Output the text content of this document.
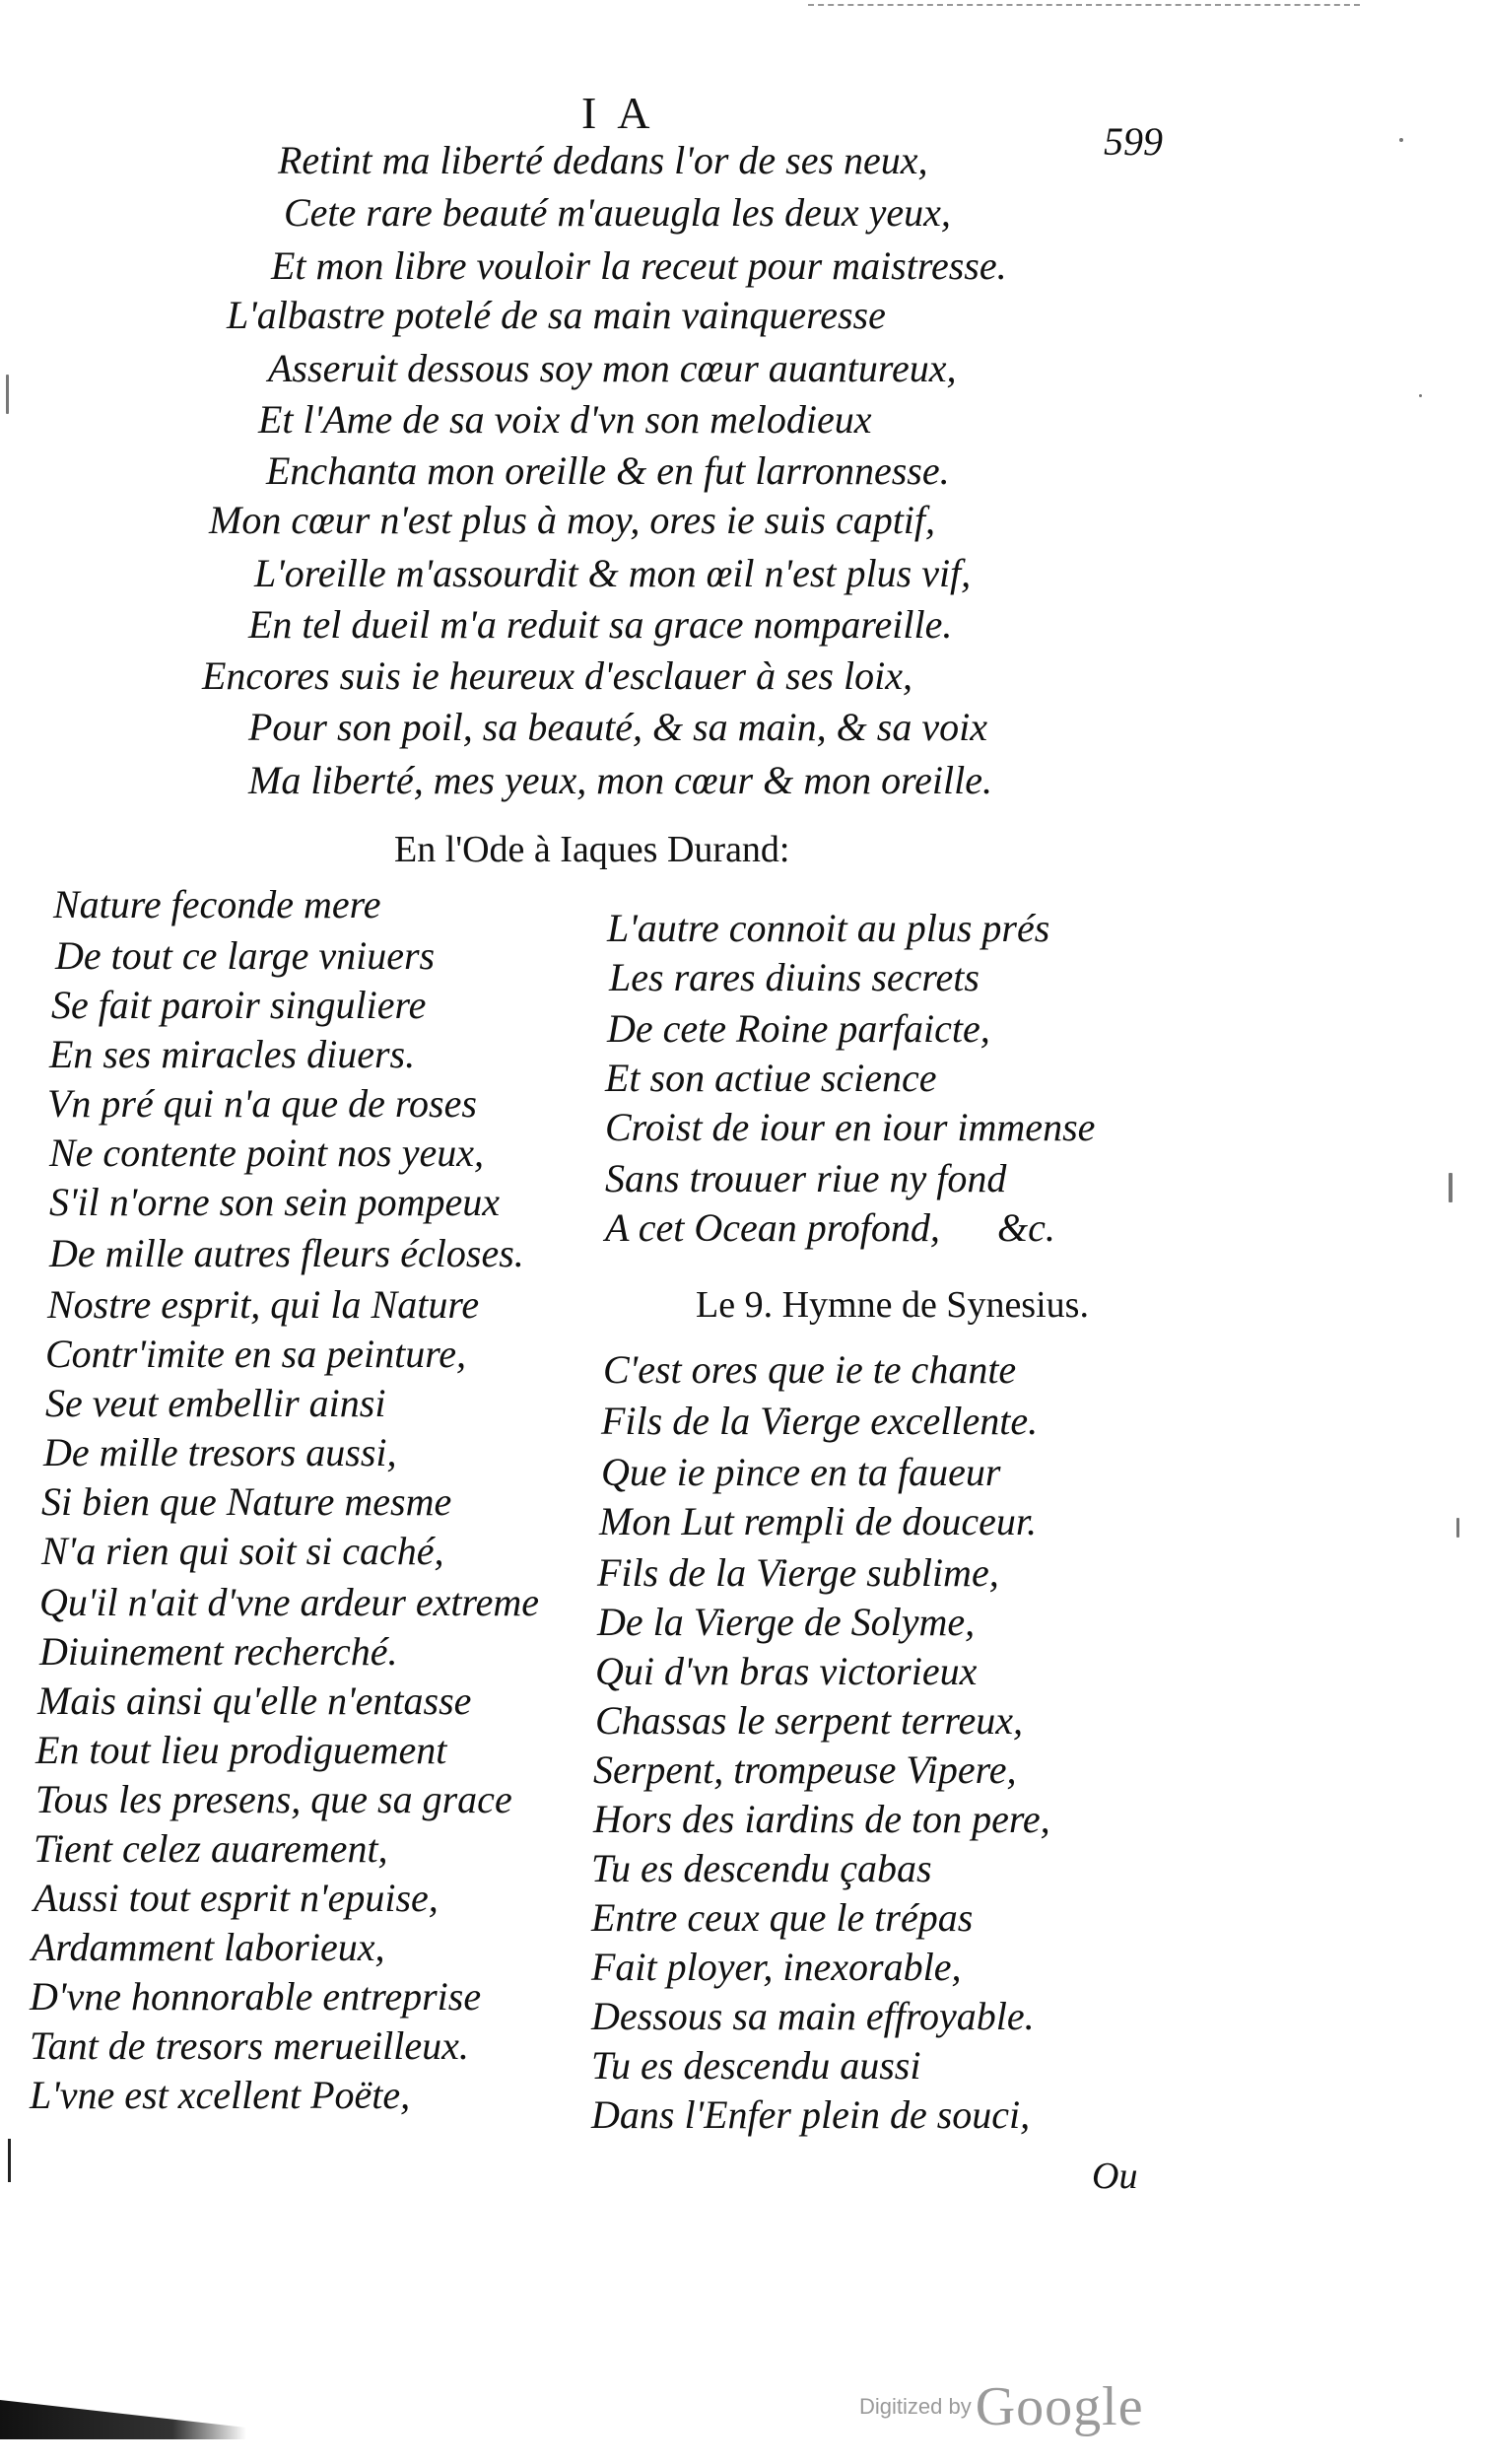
I A
599
Retint ma liberté dedans l'or de ses neux,
Cete rare beauté m'aueugla les deux yeux,
Et mon libre vouloir la receut pour maistresse.
L'albastre potelé de sa main vainqueresse
Asseruit dessous soy mon cœur auantureux,
Et l'Ame de sa voix d'vn son melodieux
Enchanta mon oreille & en fut larronnesse.
Mon cœur n'est plus à moy, ores ie suis captif,
L'oreille m'assourdit & mon œil n'est plus vif,
En tel dueil m'a reduit sa grace nompareille.
Encores suis ie heureux d'esclauer à ses loix,
Pour son poil, sa beauté, & sa main, & sa voix
Ma liberté, mes yeux, mon cœur & mon oreille.
En l'Ode à Iaques Durand:
Nature feconde mere
De tout ce large vniuers
Se fait paroir singuliere
En ses miracles diuers.
Vn pré qui n'a que de roses
Ne contente point nos yeux,
S'il n'orne son sein pompeux
De mille autres fleurs écloses.
Nostre esprit, qui la Nature
Contr'imite en sa peinture,
Se veut embellir ainsi
De mille tresors aussi,
Si bien que Nature mesme
N'a rien qui soit si caché,
Qu'il n'ait d'vne ardeur extreme
Diuinement recherché.
Mais ainsi qu'elle n'entasse
En tout lieu prodiguement
Tous les presens, que sa grace
Tient celez auarement,
Aussi tout esprit n'epuise,
Ardamment laborieux,
D'vne honnorable entreprise
Tant de tresors merueilleux.
L'vne est xcellent Poëte,
L'autre connoit au plus prés
Les rares diuins secrets
De cete Roine parfaicte,
Et son actiue science
Croist de iour en iour immense
Sans trouuer riue ny fond
A cet Ocean profond, &c.
Le 9. Hymne de Synesius.
C'est ores que ie te chante
Fils de la Vierge excellente.
Que ie pince en ta faueur
Mon Lut rempli de douceur.
Fils de la Vierge sublime,
De la Vierge de Solyme,
Qui d'vn bras victorieux
Chassas le serpent terreux,
Serpent, trompeuse Vipere,
Hors des iardins de ton pere,
Tu es descendu çabas
Entre ceux que le trépas
Fait ployer, inexorable,
Dessous sa main effroyable.
Tu es descendu aussi
Dans l'Enfer plein de souci,
Ou
Digitized by Google
